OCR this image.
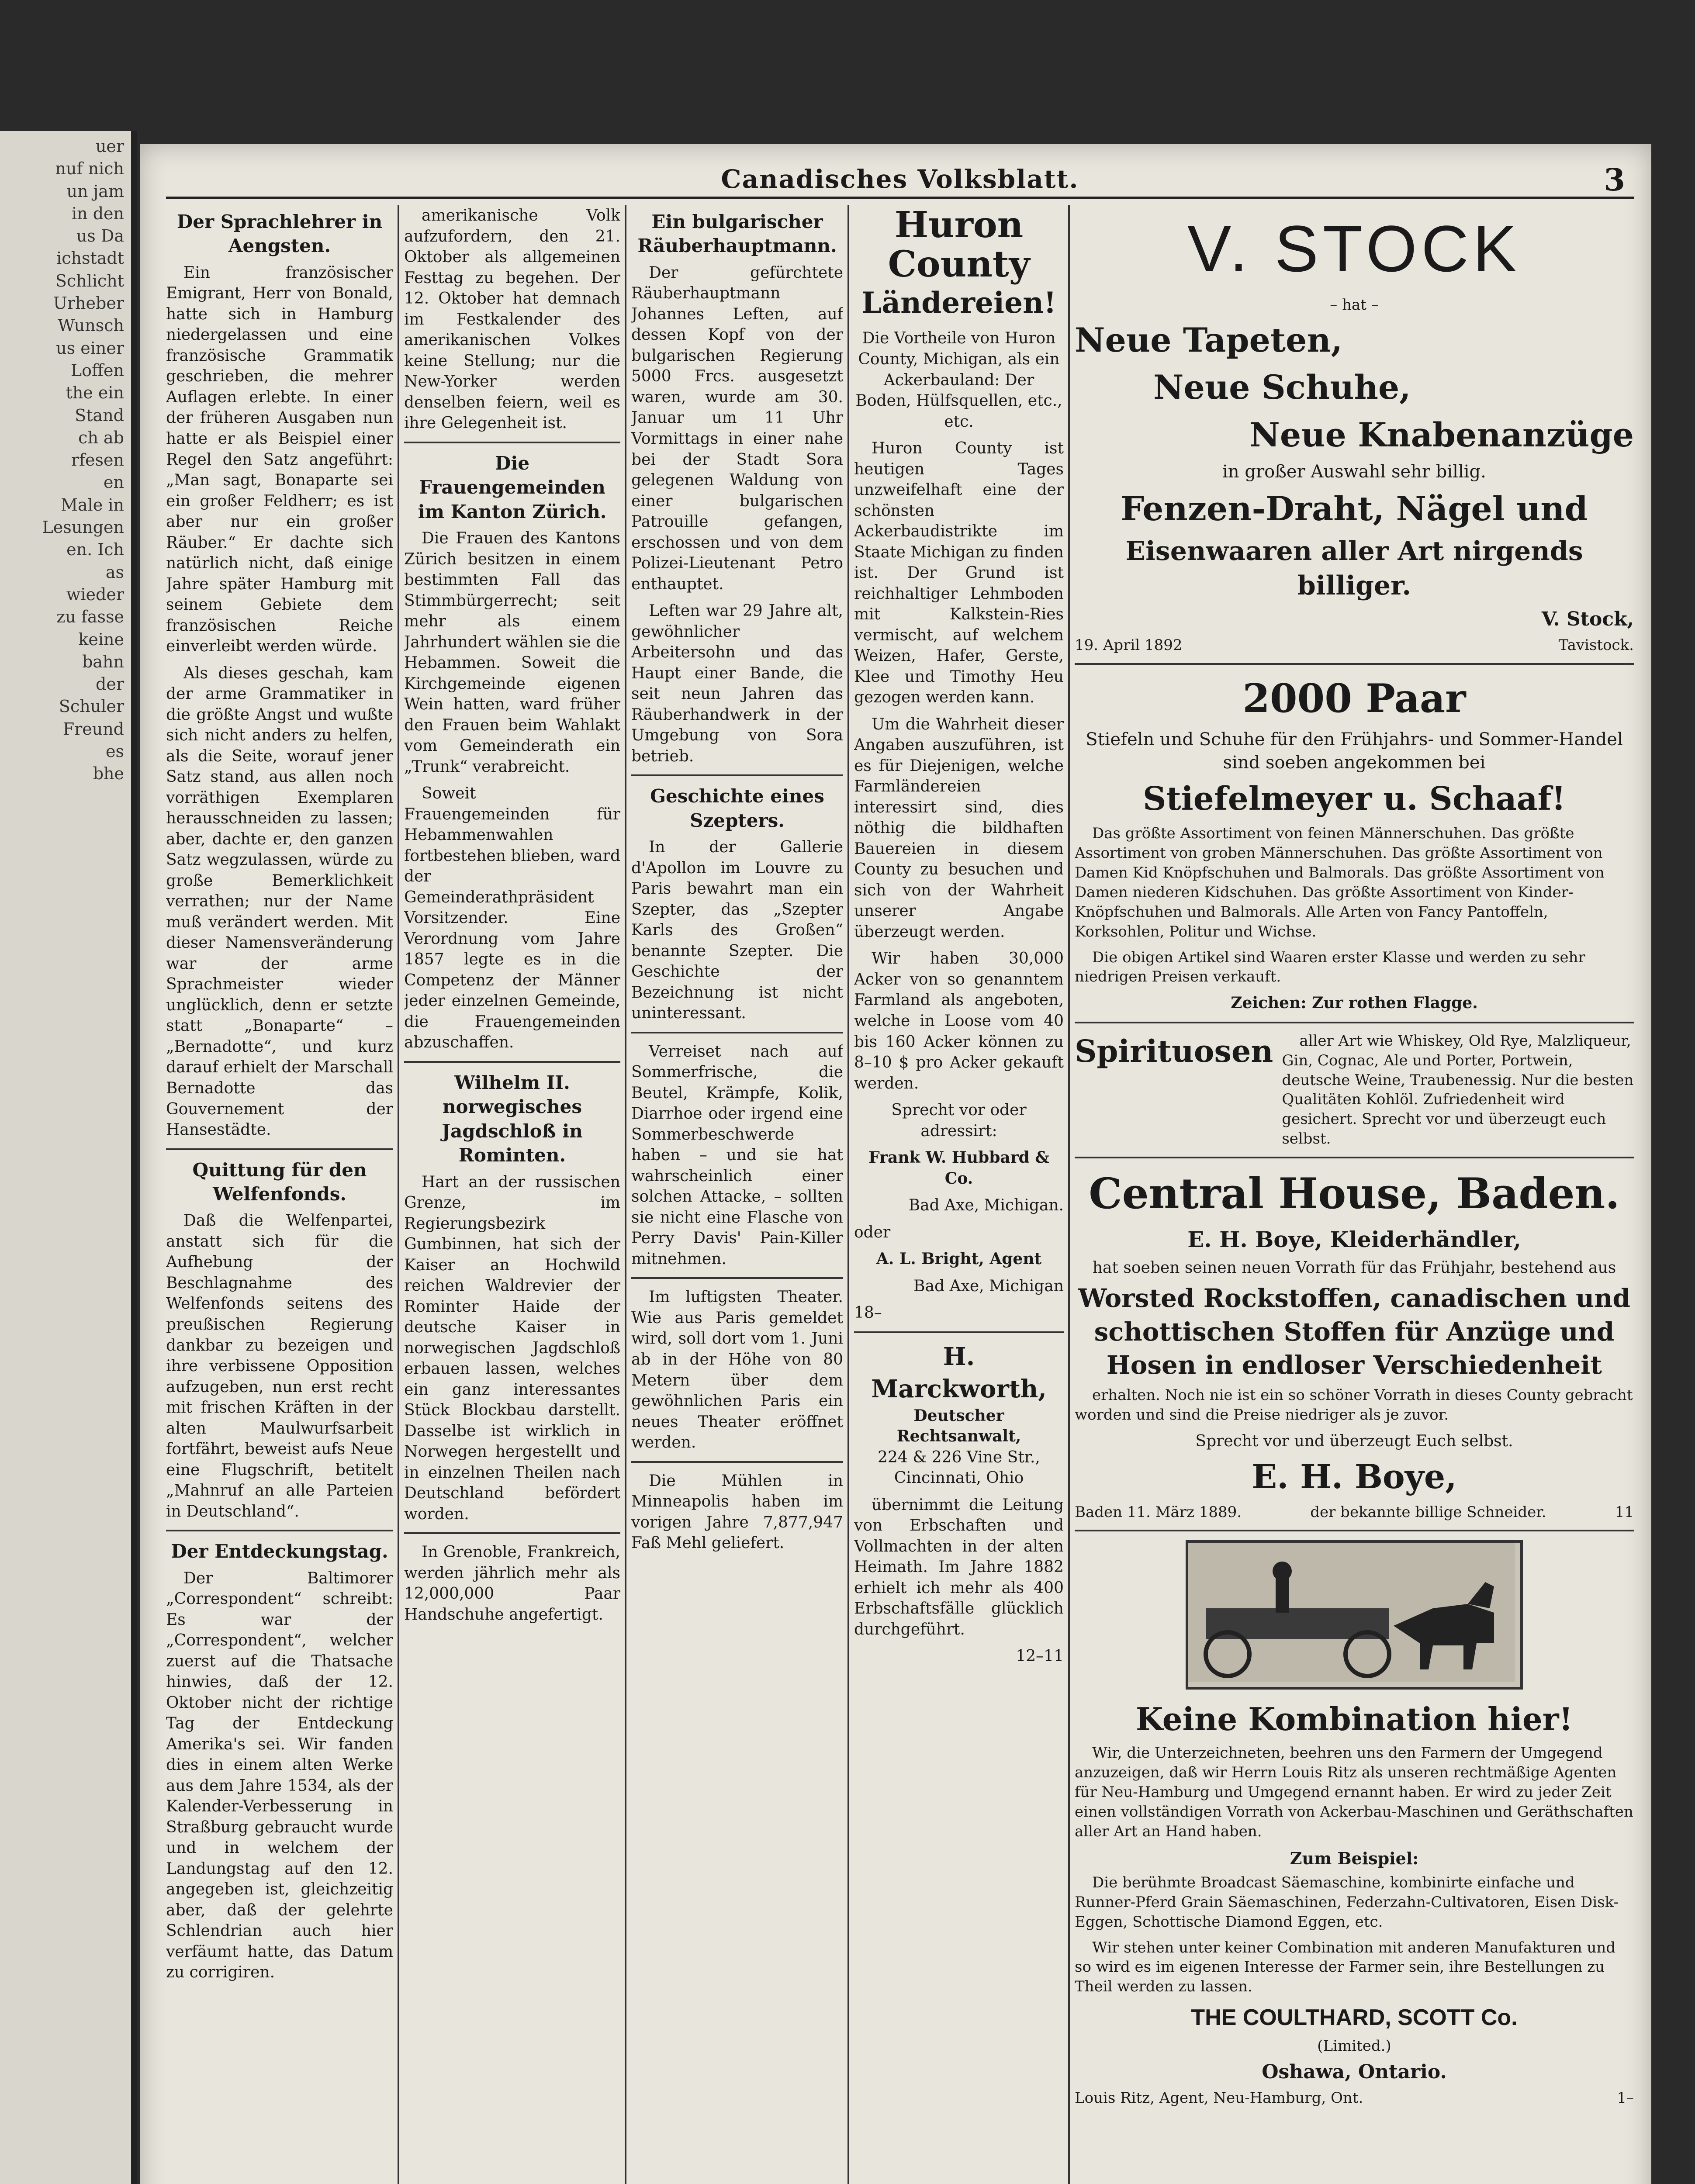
uer
nuf nich
un jam
in den
us Da
ichstadt
Schlicht
Urheber
Wunsch
us einer
Loffen
the ein
Stand
ch ab
rfesen
en
Male in
Lesungen
en. Ich
as
wieder
zu fasse
keine
bahn
der
Schuler
Freund
es
bhe

Canadisches Volksblatt.	3
Der Sprachlehrer in Aengsten.

Ein französischer Emigrant, Herr von Bonald, hatte sich in Hamburg niedergelassen und eine französische Grammatik geschrieben, die mehrer Auflagen erlebte. In einer der früheren Ausgaben nun hatte er als Beispiel einer Regel den Satz angeführt: „Man sagt, Bonaparte sei ein großer Feldherr; es ist aber nur ein großer Räuber.“ Er dachte sich natürlich nicht, daß einige Jahre später Hamburg mit seinem Gebiete dem französischen Reiche einverleibt werden würde.

Als dieses geschah, kam der arme Grammatiker in die größte Angst und wußte sich nicht anders zu helfen, als die Seite, worauf jener Satz stand, aus allen noch vorräthigen Exemplaren herausschneiden zu lassen; aber, dachte er, den ganzen Satz wegzulassen, würde zu große Bemerklichkeit verrathen; nur der Name muß verändert werden. Mit dieser Namensveränderung war der arme Sprachmeister wieder unglücklich, denn er setzte statt „Bonaparte“ – „Bernadotte“, und kurz darauf erhielt der Marschall Bernadotte das Gouvernement der Hansestädte.

Quittung für den Welfenfonds.

Daß die Welfenpartei, anstatt sich für die Aufhebung der Beschlagnahme des Welfenfonds seitens des preußischen Regierung dankbar zu bezeigen und ihre verbissene Opposition aufzugeben, nun erst recht mit frischen Kräften in der alten Maulwurfsarbeit fortfährt, beweist aufs Neue eine Flugschrift, betitelt „Mahnruf an alle Parteien in Deutschland“.

Der Entdeckungstag.

Der Baltimorer „Correspondent“ schreibt: Es war der „Correspondent“, welcher zuerst auf die Thatsache hinwies, daß der 12. Oktober nicht der richtige Tag der Entdeckung Amerika's sei. Wir fanden dies in einem alten Werke aus dem Jahre 1534, als der Kalender-Verbesserung in Straßburg gebraucht wurde und in welchem der Landungstag auf den 12. angegeben ist, gleichzeitig aber, daß der gelehrte Schlendrian auch hier verfäumt hatte, das Datum zu corrigiren.

amerikanische Volk aufzufordern, den 21. Oktober als allgemeinen Festtag zu begehen. Der 12. Oktober hat demnach im Festkalender des amerikanischen Volkes keine Stellung; nur die New-Yorker werden denselben feiern, weil es ihre Gelegenheit ist.

Die Frauengemeinden im Kanton Zürich.

Die Frauen des Kantons Zürich besitzen in einem bestimmten Fall das Stimmbürgerrecht; seit mehr als einem Jahrhundert wählen sie die Hebammen. Soweit die Kirchgemeinde eigenen Wein hatten, ward früher den Frauen beim Wahlakt vom Gemeinderath ein „Trunk“ verabreicht.

Soweit Frauengemeinden für Hebammenwahlen fortbestehen blieben, ward der Gemeinderathpräsident Vorsitzender. Eine Verordnung vom Jahre 1857 legte es in die Competenz der Männer jeder einzelnen Gemeinde, die Frauengemeinden abzuschaffen.

Wilhelm II. norwegisches Jagdschloß in Rominten.

Hart an der russischen Grenze, im Regierungsbezirk Gumbinnen, hat sich der Kaiser an Hochwild reichen Waldrevier der Rominter Haide der deutsche Kaiser in norwegischen Jagdschloß erbauen lassen, welches ein ganz interessantes Stück Blockbau darstellt. Dasselbe ist wirklich in Norwegen hergestellt und in einzelnen Theilen nach Deutschland befördert worden.

In Grenoble, Frankreich, werden jährlich mehr als 12,000,000 Paar Handschuhe angefertigt.

Ein bulgarischer Räuberhauptmann.

Der gefürchtete Räuberhauptmann Johannes Leften, auf dessen Kopf von der bulgarischen Regierung 5000 Frcs. ausgesetzt waren, wurde am 30. Januar um 11 Uhr Vormittags in einer nahe bei der Stadt Sora gelegenen Waldung von einer bulgarischen Patrouille gefangen, erschossen und von dem Polizei-Lieutenant Petro enthauptet.

Leften war 29 Jahre alt, gewöhnlicher Arbeitersohn und das Haupt einer Bande, die seit neun Jahren das Räuberhandwerk in der Umgebung von Sora betrieb.

Geschichte eines Szepters.

In der Gallerie d'Apollon im Louvre zu Paris bewahrt man ein Szepter, das „Szepter Karls des Großen“ benannte Szepter. Die Geschichte der Bezeichnung ist nicht uninteressant.

Verreiset nach auf Sommerfrische, die Beutel, Krämpfe, Kolik, Diarrhoe oder irgend eine Sommerbeschwerde haben – und sie hat wahrscheinlich einer solchen Attacke, – sollten sie nicht eine Flasche von Perry Davis' Pain-Killer mitnehmen.

Im luftigsten Theater. Wie aus Paris gemeldet wird, soll dort vom 1. Juni ab in der Höhe von 80 Metern über dem gewöhnlichen Paris ein neues Theater eröffnet werden.

Die Mühlen in Minneapolis haben im vorigen Jahre 7,877,947 Faß Mehl geliefert.

Huron County
Ländereien!

Die Vortheile von Huron County, Michigan, als ein Ackerbauland: Der Boden, Hülfsquellen, etc., etc.

Huron County ist heutigen Tages unzweifelhaft eine der schönsten Ackerbaudistrikte im Staate Michigan zu finden ist. Der Grund ist reichhaltiger Lehmboden mit Kalkstein-Ries vermischt, auf welchem Weizen, Hafer, Gerste, Klee und Timothy Heu gezogen werden kann.

Um die Wahrheit dieser Angaben auszuführen, ist es für Diejenigen, welche Farmländereien interessirt sind, dies nöthig die bildhaften Bauereien in diesem County zu besuchen und sich von der Wahrheit unserer Angabe überzeugt werden.

Wir haben 30,000 Acker von so genanntem Farmland als angeboten, welche in Loose vom 40 bis 160 Acker können zu 8–10 $ pro Acker gekauft werden.

Sprecht vor oder adressirt:

Frank W. Hubbard & Co.

Bad Axe, Michigan.

oder

A. L. Bright, Agent

Bad Axe, Michigan

18–

H. Marckworth,
Deutscher Rechtsanwalt,

224 & 226 Vine Str., Cincinnati, Ohio

übernimmt die Leitung von Erbschaften und Vollmachten in der alten Heimath. Im Jahre 1882 erhielt ich mehr als 400 Erbschaftsfälle glücklich durchgeführt.

12–11

V. STOCK
– hat –
Neue Tapeten,
Neue Schuhe,
Neue Knabenanzüge
in großer Auswahl sehr billig.
Fenzen-Draht, Nägel und
Eisenwaaren aller Art nirgends billiger.
V. Stock,
19. April 1892	Tavistock.
2000 Paar
Stiefeln und Schuhe für den Frühjahrs- und Sommer-Handel sind soeben angekommen bei
Stiefelmeyer u. Schaaf!

Das größte Assortiment von feinen Männerschuhen. Das größte Assortiment von groben Männerschuhen. Das größte Assortiment von Damen Kid Knöpfschuhen und Balmorals. Das größte Assortiment von Damen niederen Kidschuhen. Das größte Assortiment von Kinder-Knöpfschuhen und Balmorals. Alle Arten von Fancy Pantoffeln, Korksohlen, Politur und Wichse.

Die obigen Artikel sind Waaren erster Klasse und werden zu sehr niedrigen Preisen verkauft.

Zeichen: Zur rothen Flagge.
Spirituosen	aller Art wie Whiskey, Old Rye, Malzliqueur, Gin, Cognac, Ale und Porter, Portwein, deutsche Weine, Traubenessig. Nur die besten Qualitäten Kohlöl. Zufriedenheit wird gesichert. Sprecht vor und überzeugt euch selbst.

Central House, Baden.
E. H. Boye, Kleiderhändler,
hat soeben seinen neuen Vorrath für das Frühjahr, bestehend aus
Worsted Rockstoffen, canadischen und schottischen Stoffen für Anzüge und Hosen in endloser Verschiedenheit

erhalten. Noch nie ist ein so schöner Vorrath in dieses County gebracht worden und sind die Preise niedriger als je zuvor.

Sprecht vor und überzeugt Euch selbst.
E. H. Boye,
Baden 11. März 1889.	der bekannte billige Schneider.	11
Keine Kombination hier!

Wir, die Unterzeichneten, beehren uns den Farmern der Umgegend anzuzeigen, daß wir Herrn Louis Ritz als unseren rechtmäßige Agenten für Neu-Hamburg und Umgegend ernannt haben. Er wird zu jeder Zeit einen vollständigen Vorrath von Ackerbau-Maschinen und Geräthschaften aller Art an Hand haben.

Zum Beispiel:

Die berühmte Broadcast Säemaschine, kombinirte einfache und Runner-Pferd Grain Säemaschinen, Federzahn-Cultivatoren, Eisen Disk-Eggen, Schottische Diamond Eggen, etc.

Wir stehen unter keiner Combination mit anderen Manufakturen und so wird es im eigenen Interesse der Farmer sein, ihre Bestellungen zu Theil werden zu lassen.

THE COULTHARD, SCOTT Co.
(Limited.)
Oshawa, Ontario.
Louis Ritz, Agent, Neu-Hamburg, Ont.	1–
